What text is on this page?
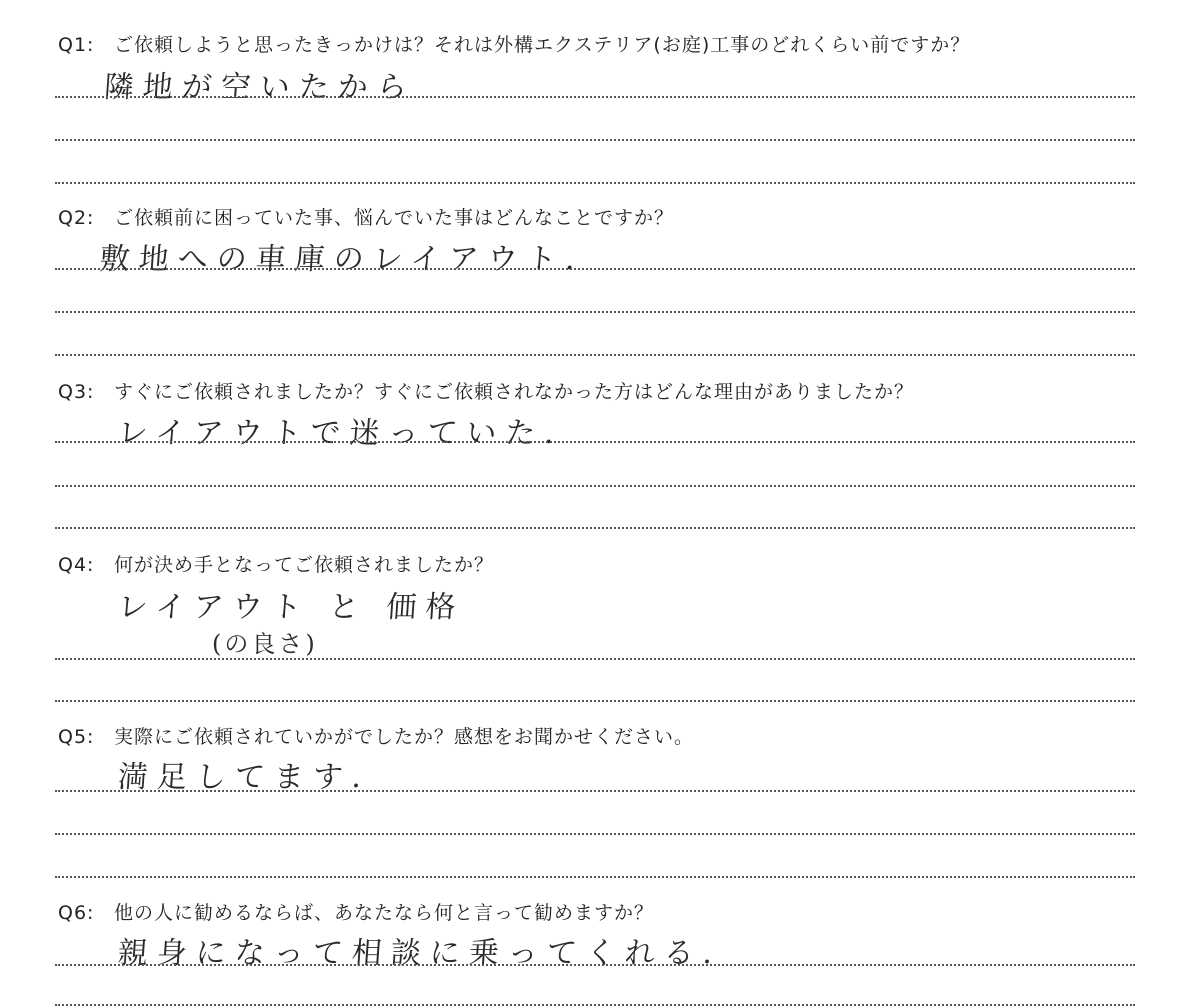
Q1: ご依頼しようと思ったきっかけは？それは外構エクステリア(お庭)工事のどれくらい前ですか？
隣地が空いたから
Q2: ご依頼前に困っていた事、悩んでいた事はどんなことですか？
敷地への車庫のレイアウト.
Q3: すぐにご依頼されましたか？すぐにご依頼されなかった方はどんな理由がありましたか？
レイアウトで迷っていた.
Q4: 何が決め手となってご依頼されましたか？
レイアウト と 価格
(の良さ)
Q5: 実際にご依頼されていかがでしたか？感想をお聞かせください。
満足してます.
Q6: 他の人に勧めるならば、あなたなら何と言って勧めますか？
親身になって相談に乗ってくれる.
